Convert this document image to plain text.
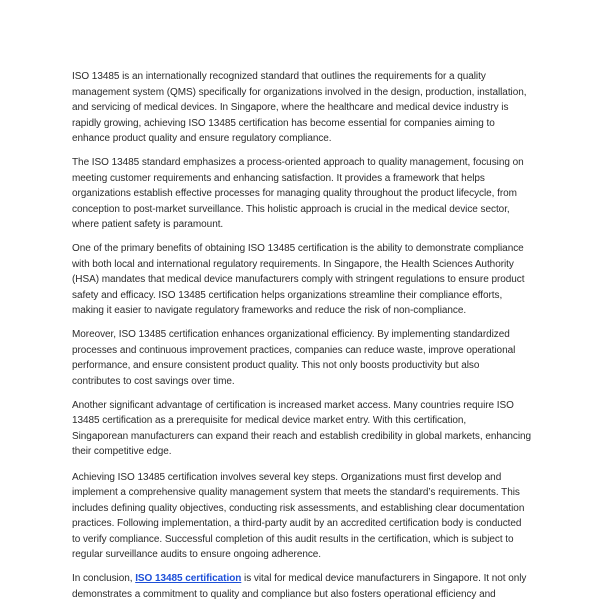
ISO 13485 is an internationally recognized standard that outlines the requirements for a quality
management system (QMS) specifically for organizations involved in the design, production, installation,
and servicing of medical devices. In Singapore, where the healthcare and medical device industry is
rapidly growing, achieving ISO 13485 certification has become essential for companies aiming to
enhance product quality and ensure regulatory compliance.
The ISO 13485 standard emphasizes a process-oriented approach to quality management, focusing on
meeting customer requirements and enhancing satisfaction. It provides a framework that helps
organizations establish effective processes for managing quality throughout the product lifecycle, from
conception to post-market surveillance. This holistic approach is crucial in the medical device sector,
where patient safety is paramount.
One of the primary benefits of obtaining ISO 13485 certification is the ability to demonstrate compliance
with both local and international regulatory requirements. In Singapore, the Health Sciences Authority
(HSA) mandates that medical device manufacturers comply with stringent regulations to ensure product
safety and efficacy. ISO 13485 certification helps organizations streamline their compliance efforts,
making it easier to navigate regulatory frameworks and reduce the risk of non-compliance.
Moreover, ISO 13485 certification enhances organizational efficiency. By implementing standardized
processes and continuous improvement practices, companies can reduce waste, improve operational
performance, and ensure consistent product quality. This not only boosts productivity but also
contributes to cost savings over time.
Another significant advantage of certification is increased market access. Many countries require ISO
13485 certification as a prerequisite for medical device market entry. With this certification,
Singaporean manufacturers can expand their reach and establish credibility in global markets, enhancing
their competitive edge.
Achieving ISO 13485 certification involves several key steps. Organizations must first develop and
implement a comprehensive quality management system that meets the standard’s requirements. This
includes defining quality objectives, conducting risk assessments, and establishing clear documentation
practices. Following implementation, a third-party audit by an accredited certification body is conducted
to verify compliance. Successful completion of this audit results in the certification, which is subject to
regular surveillance audits to ensure ongoing adherence.
In conclusion, ISO 13485 certification is vital for medical device manufacturers in Singapore. It not only
demonstrates a commitment to quality and compliance but also fosters operational efficiency and
